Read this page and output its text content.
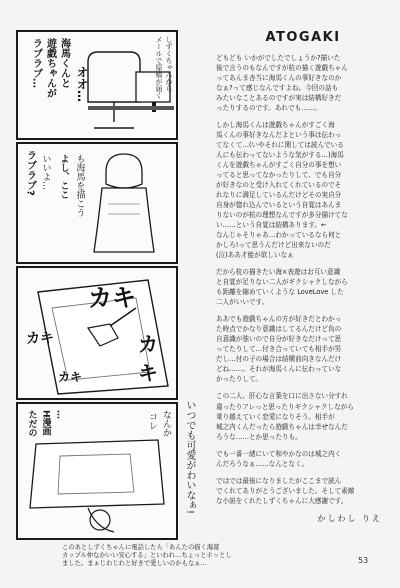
しずくちゃんから
メールで原稿が届く
オオ…
海馬くんと
遊戯ちゃんが
ラブラブ…
ラブラブ? いいよ… よし、ここ も海馬を描こう
カキ
カキ
カキ
カキ
ただの H漫画 …	なんか
コレ	いつでも可愛がわいなぁ!
このあとしずくちゃんに電話したら「あんたの描く海遊
カップル仲なかいい安心する」といわれ…ちょっとホッとし
ました。まぁじわじわと好きで愛しいのかもなぁ…	53
ATOGAKI
どもども いかがでしたでしょうか?描いた
後で言うのもなんですが杭の描く遊戯ちゃん
ってあんま杏当に海馬くんの事好きなのか
なぁ?って感じなんですよね。今回の話も
みたいなことあるのですが実は結構好きだ
ったりするのです。あれでも……。
しかし海馬くんは遊戯ちゃんがすごく海
馬くんの事好きなんだよという事は伝わっ
てなくて…(いやそれに関しては読んでいる
人にも伝わってないような気がする…)海馬
くんを遊戯ちゃんがすごく自分の事を想い
ってると思ってなかったりして、でも自分
が好きなのと受け入れてくれているのでそ
れなりに満足しているんだけどその実自分
自身が惚れ込んでいるという自覚はあんま
りないのが杭の理想なんですが多分描けてな
い……という自覚は結構あります。←
なんじゃそりゃあ…わかっているなら何と
かしろ!って思うんだけど出来ないのだ
(泣)ああ才能が欲しいなぁ
だから杭の描きたい海×表遊はお互い意識
と自覚が足りない二人がギクシャクしながら
も距離を縮めていくような LoveLove した
二人がいいです。
ああでも遊戯ちゃんの方が好きだとわかっ
た時点でかなり意識はしてるんだけど負の
自意識が強いので自分が好きなだけって思
ってたりして…付き合っていても相手が男
だし…付の子の場合は結構前向きなんだけ
どね……。それが海馬くんに伝わっていな
かったりして。
この二人、肝心な言葉を口に出さない分すれ
違ったりアレっと思ったりギクシャクしながら
乗り越えていく恋愛になりそう。相手が
城之内くんだったら遊戯ちゃんは幸せなんだ
ろうな……とか思ったりも。
でも一番一緒にいて和やかなのは城之内く
んだろうなぁ……なんとなく。
ではでは最後になりましたがここまで読ん
でくれてありがとうございました。そして素敵
な小説をくれたしずくちゃんに大感謝です。
かしわし りえ
